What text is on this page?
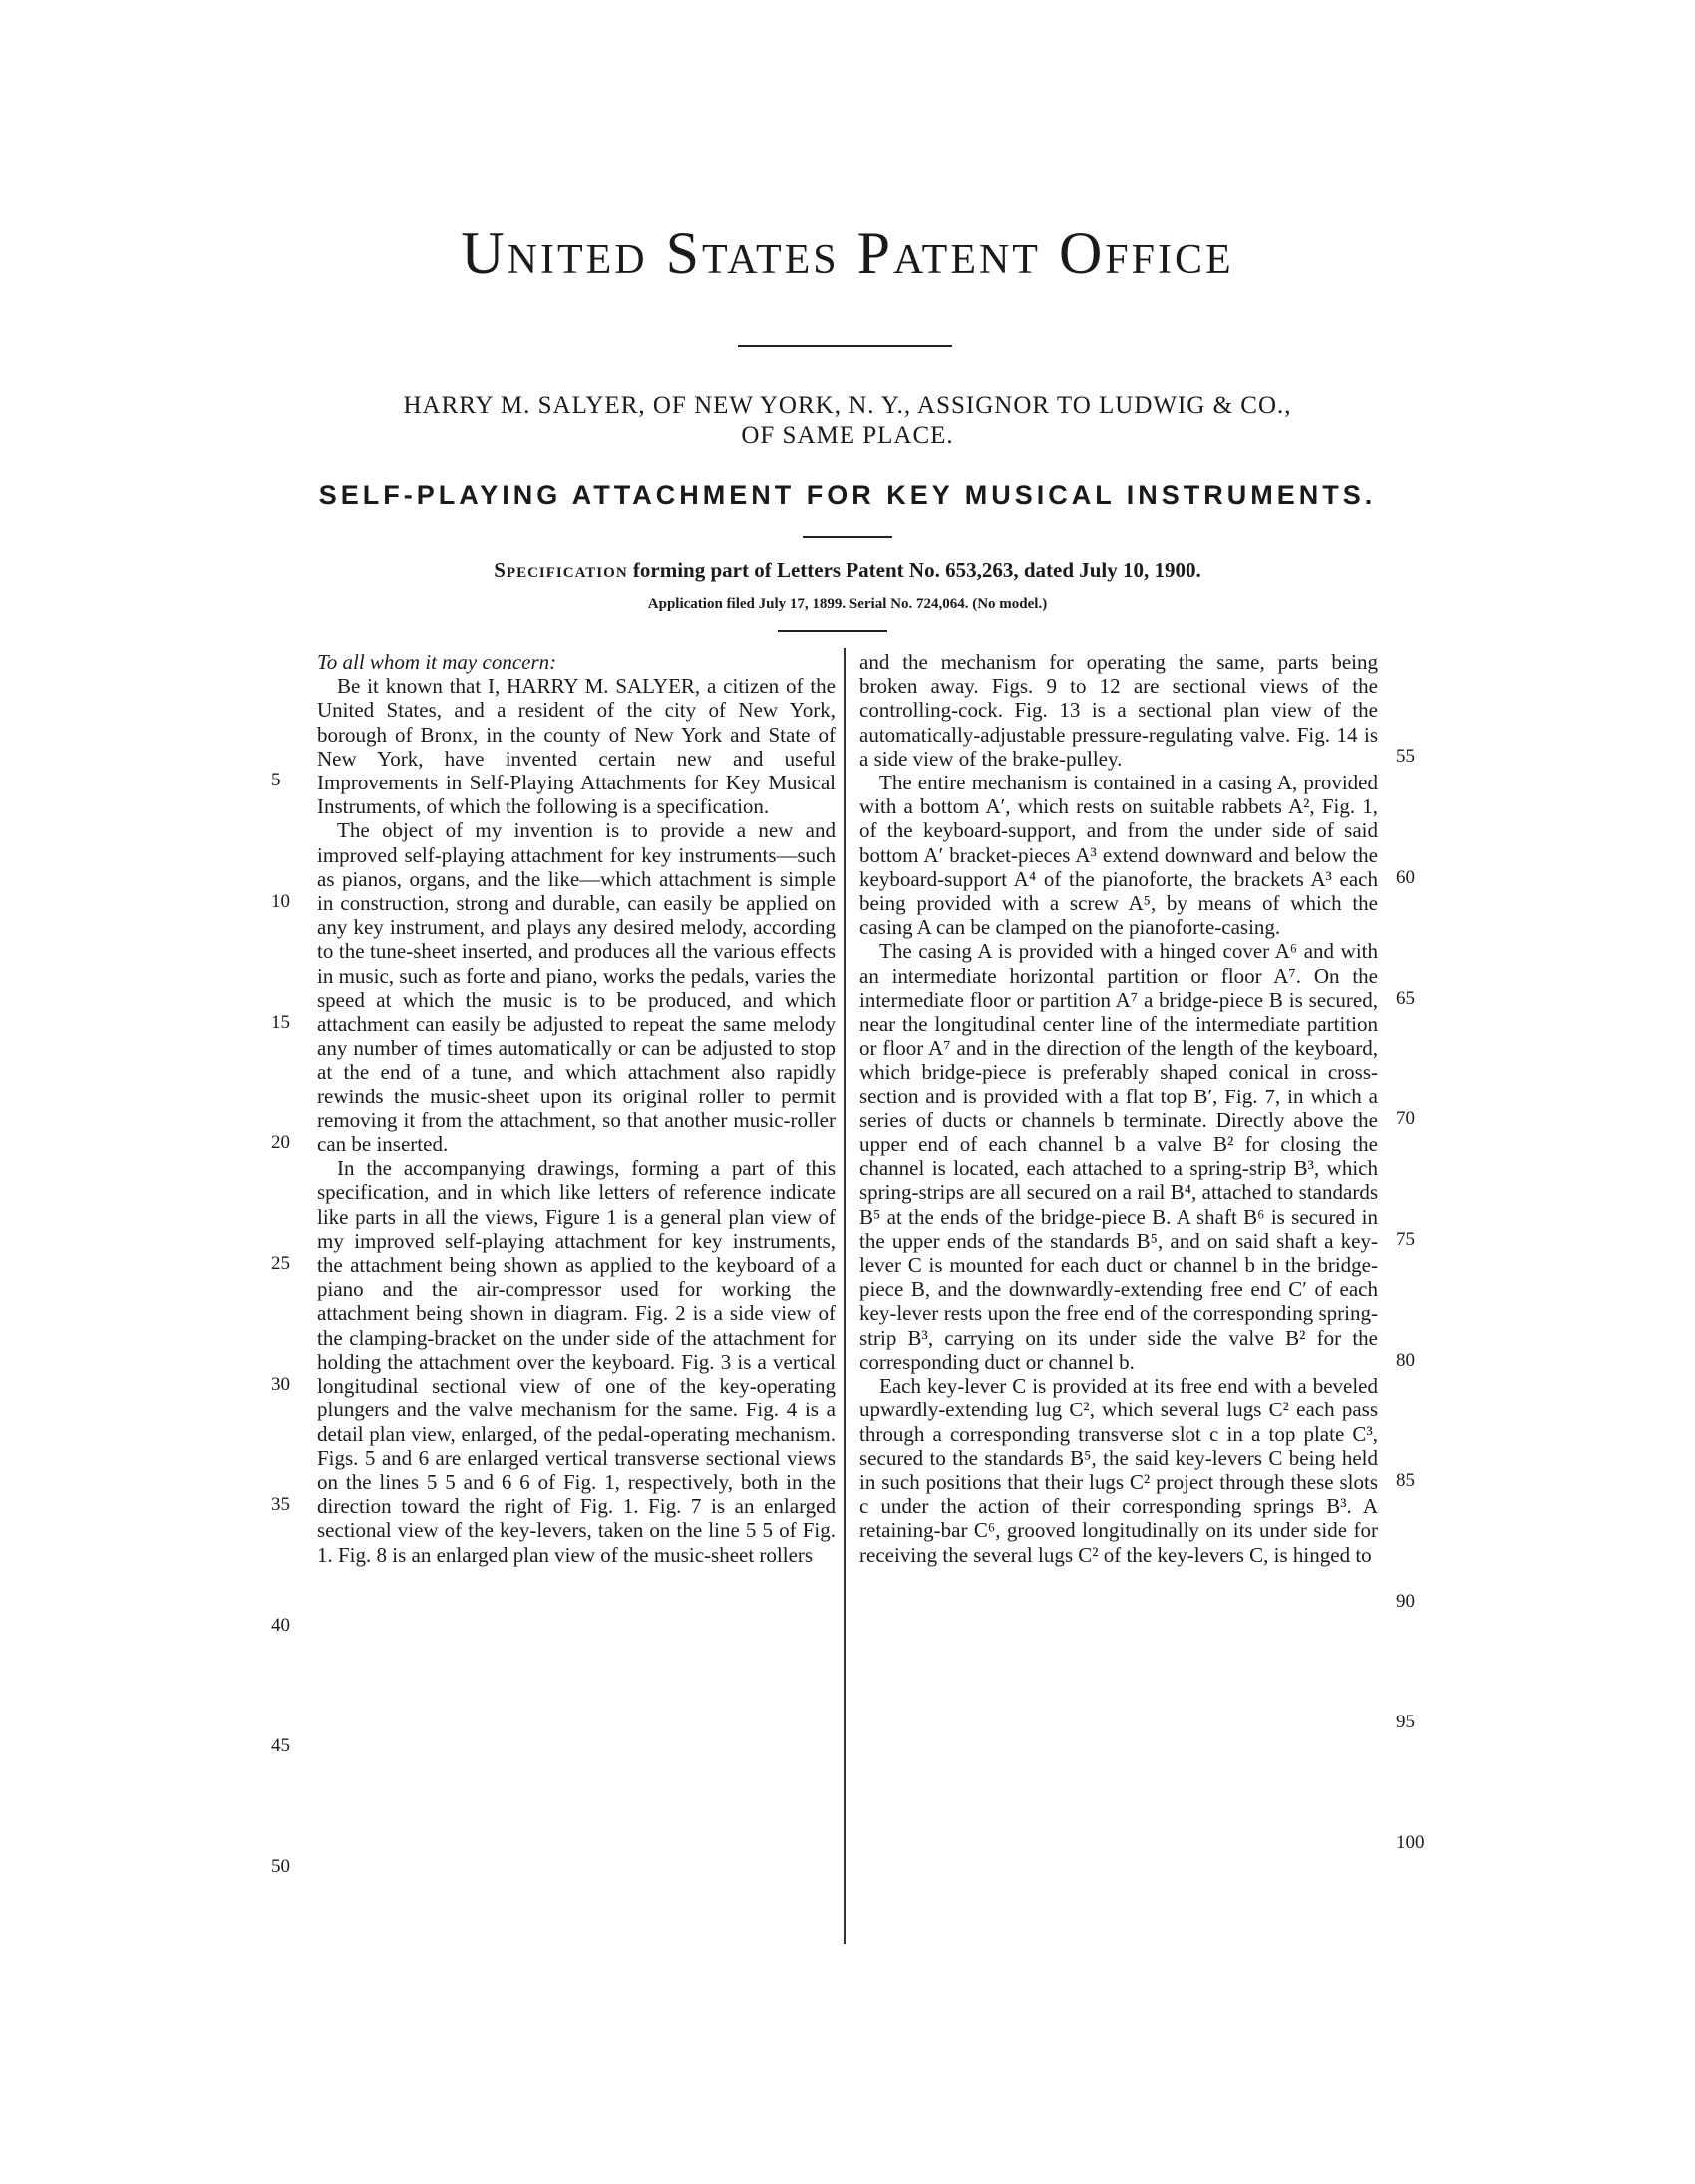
United States Patent Office
HARRY M. SALYER, OF NEW YORK, N. Y., ASSIGNOR TO LUDWIG & CO.,
OF SAME PLACE.
SELF-PLAYING ATTACHMENT FOR KEY MUSICAL INSTRUMENTS.
Specification forming part of Letters Patent No. 653,263, dated July 10, 1900.
Application filed July 17, 1899. Serial No. 724,064. (No model.)
5
10
15
20
25
30
35
40
45
50

To all whom it may concern:

Be it known that I, HARRY M. SALYER, a citizen of the United States, and a resident of the city of New York, borough of Bronx, in the county of New York and State of New York, have invented certain new and useful Improvements in Self-Playing Attachments for Key Musical Instruments, of which the following is a specification.

The object of my invention is to provide a new and improved self-playing attachment for key instruments—such as pianos, organs, and the like—which attachment is simple in construction, strong and durable, can easily be applied on any key instrument, and plays any desired melody, according to the tune-sheet inserted, and produces all the various effects in music, such as forte and piano, works the pedals, varies the speed at which the music is to be produced, and which attachment can easily be adjusted to repeat the same melody any number of times automatically or can be adjusted to stop at the end of a tune, and which attachment also rapidly rewinds the music-sheet upon its original roller to permit removing it from the attachment, so that another music-roller can be inserted.

In the accompanying drawings, forming a part of this specification, and in which like letters of reference indicate like parts in all the views, Figure 1 is a general plan view of my improved self-playing attachment for key instruments, the attachment being shown as applied to the keyboard of a piano and the air-compressor used for working the attachment being shown in diagram. Fig. 2 is a side view of the clamping-bracket on the under side of the attachment for holding the attachment over the keyboard. Fig. 3 is a vertical longitudinal sectional view of one of the key-operating plungers and the valve mechanism for the same. Fig. 4 is a detail plan view, enlarged, of the pedal-operating mechanism. Figs. 5 and 6 are enlarged vertical transverse sectional views on the lines 5 5 and 6 6 of Fig. 1, respectively, both in the direction toward the right of Fig. 1. Fig. 7 is an enlarged sectional view of the key-levers, taken on the line 5 5 of Fig. 1. Fig. 8 is an enlarged plan view of the music-sheet rollers

and the mechanism for operating the same, parts being broken away. Figs. 9 to 12 are sectional views of the controlling-cock. Fig. 13 is a sectional plan view of the automatically-adjustable pressure-regulating valve. Fig. 14 is a side view of the brake-pulley.

The entire mechanism is contained in a casing A, provided with a bottom A′, which rests on suitable rabbets A², Fig. 1, of the keyboard-support, and from the under side of said bottom A′ bracket-pieces A³ extend downward and below the keyboard-support A⁴ of the pianoforte, the brackets A³ each being provided with a screw A⁵, by means of which the casing A can be clamped on the pianoforte-casing.

The casing A is provided with a hinged cover A⁶ and with an intermediate horizontal partition or floor A⁷. On the intermediate floor or partition A⁷ a bridge-piece B is secured, near the longitudinal center line of the intermediate partition or floor A⁷ and in the direction of the length of the keyboard, which bridge-piece is preferably shaped conical in cross-section and is provided with a flat top B′, Fig. 7, in which a series of ducts or channels b terminate. Directly above the upper end of each channel b a valve B² for closing the channel is located, each attached to a spring-strip B³, which spring-strips are all secured on a rail B⁴, attached to standards B⁵ at the ends of the bridge-piece B. A shaft B⁶ is secured in the upper ends of the standards B⁵, and on said shaft a key-lever C is mounted for each duct or channel b in the bridge-piece B, and the downwardly-extending free end C′ of each key-lever rests upon the free end of the corresponding spring-strip B³, carrying on its under side the valve B² for the corresponding duct or channel b.

Each key-lever C is provided at its free end with a beveled upwardly-extending lug C², which several lugs C² each pass through a corresponding transverse slot c in a top plate C³, secured to the standards B⁵, the said key-levers C being held in such positions that their lugs C² project through these slots c under the action of their corresponding springs B³. A retaining-bar C⁶, grooved longitudinally on its under side for receiving the several lugs C² of the key-levers C, is hinged to

55
60
65
70
75
80
85
90
95
100
